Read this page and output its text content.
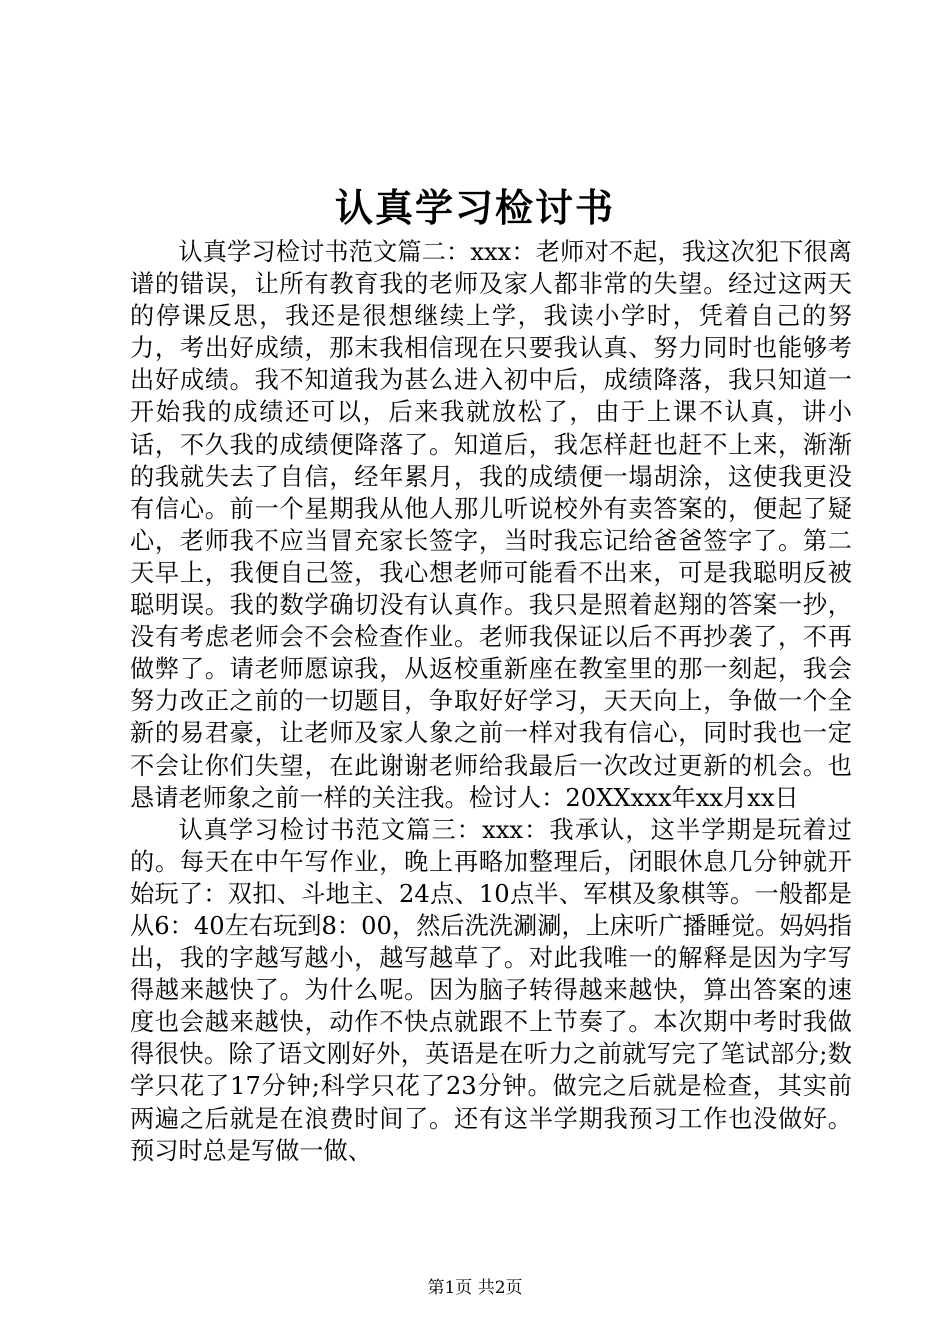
认真学习检讨书

认真学习检讨书范文篇二：xxx：老师对不起，我这次犯下很离谱的错误，让所有教育我的老师及家人都非常的失望。经过这两天的停课反思，我还是很想继续上学，我读小学时，凭着自己的努力，考出好成绩，那末我相信现在只要我认真、努力同时也能够考出好成绩。我不知道我为甚么进入初中后，成绩降落，我只知道一开始我的成绩还可以，后来我就放松了，由于上课不认真，讲小话，不久我的成绩便降落了。知道后，我怎样赶也赶不上来，渐渐的我就失去了自信，经年累月，我的成绩便一塌胡涂，这使我更没有信心。前一个星期我从他人那儿听说校外有卖答案的，便起了疑心，老师我不应当冒充家长签字，当时我忘记给爸爸签字了。第二天早上，我便自己签，我心想老师可能看不出来，可是我聪明反被聪明误。我的数学确切没有认真作。我只是照着赵翔的答案一抄，没有考虑老师会不会检查作业。老师我保证以后不再抄袭了，不再做弊了。请老师愿谅我，从返校重新座在教室里的那一刻起，我会努力改正之前的一切题目，争取好好学习，天天向上，争做一个全新的易君豪，让老师及家人象之前一样对我有信心，同时我也一定不会让你们失望，在此谢谢老师给我最后一次改过更新的机会。也恳请老师象之前一样的关注我。检讨人：20XXxxx年xx月xx日

认真学习检讨书范文篇三：xxx：我承认，这半学期是玩着过的。每天在中午写作业，晚上再略加整理后，闭眼休息几分钟就开始玩了：双扣、斗地主、24点、10点半、军棋及象棋等。一般都是从6：40左右玩到8：00，然后洗洗涮涮，上床听广播睡觉。妈妈指出，我的字越写越小，越写越草了。对此我唯一的解释是因为字写得越来越快了。为什么呢。因为脑子转得越来越快，算出答案的速度也会越来越快，动作不快点就跟不上节奏了。本次期中考时我做得很快。除了语文刚好外，英语是在听力之前就写完了笔试部分;数学只花了17分钟;科学只花了23分钟。做完之后就是检查，其实前两遍之后就是在浪费时间了。还有这半学期我预习工作也没做好。预习时总是写做一做、

第1页 共2页
